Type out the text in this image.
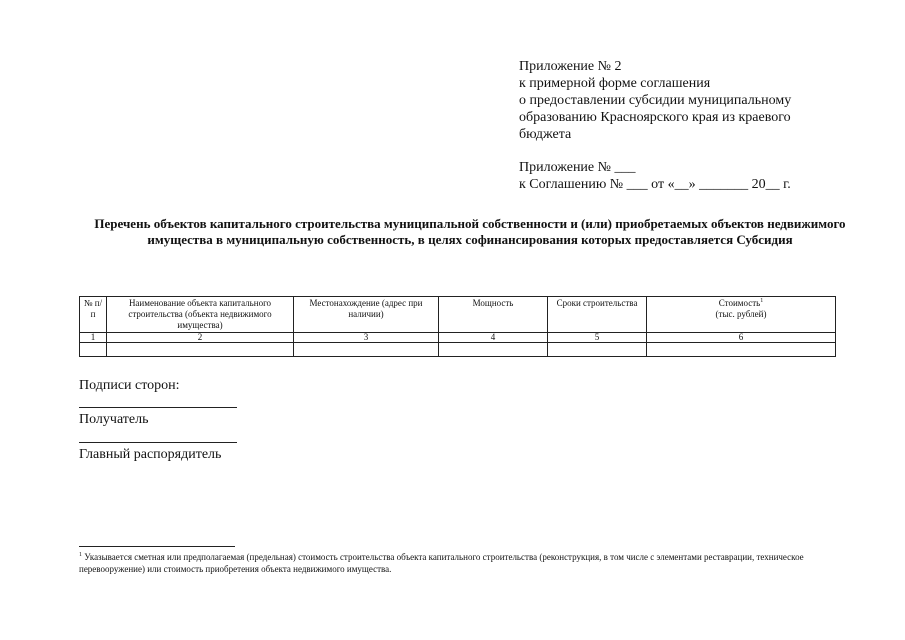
Приложение № 2
к примерной форме соглашения
о предоставлении субсидии муниципальному
образованию Красноярского края из краевого
бюджета
Приложение № ___
к Соглашению № ___ от «__» _______ 20__ г.
Перечень объектов капитального строительства муниципальной собственности и (или) приобретаемых объектов недвижимого имущества в муниципальную собственность, в целях софинансирования которых предоставляется Субсидия
№ п/п	Наименование объекта капитального строительства (объекта недвижимого имущества)	Местонахождение (адрес при наличии)	Мощность	Сроки строительства	Стоимость$^1$
(тыс. рублей)
1	2	3	4	5	6

Подписи сторон:
Получатель
Главный распорядитель
$^1$ Указывается сметная или предполагаемая (предельная) стоимость строительства объекта капитального строительства (реконструкция, в том числе с элементами реставрации, техническое перевооружение) или стоимость приобретения объекта недвижимого имущества.
